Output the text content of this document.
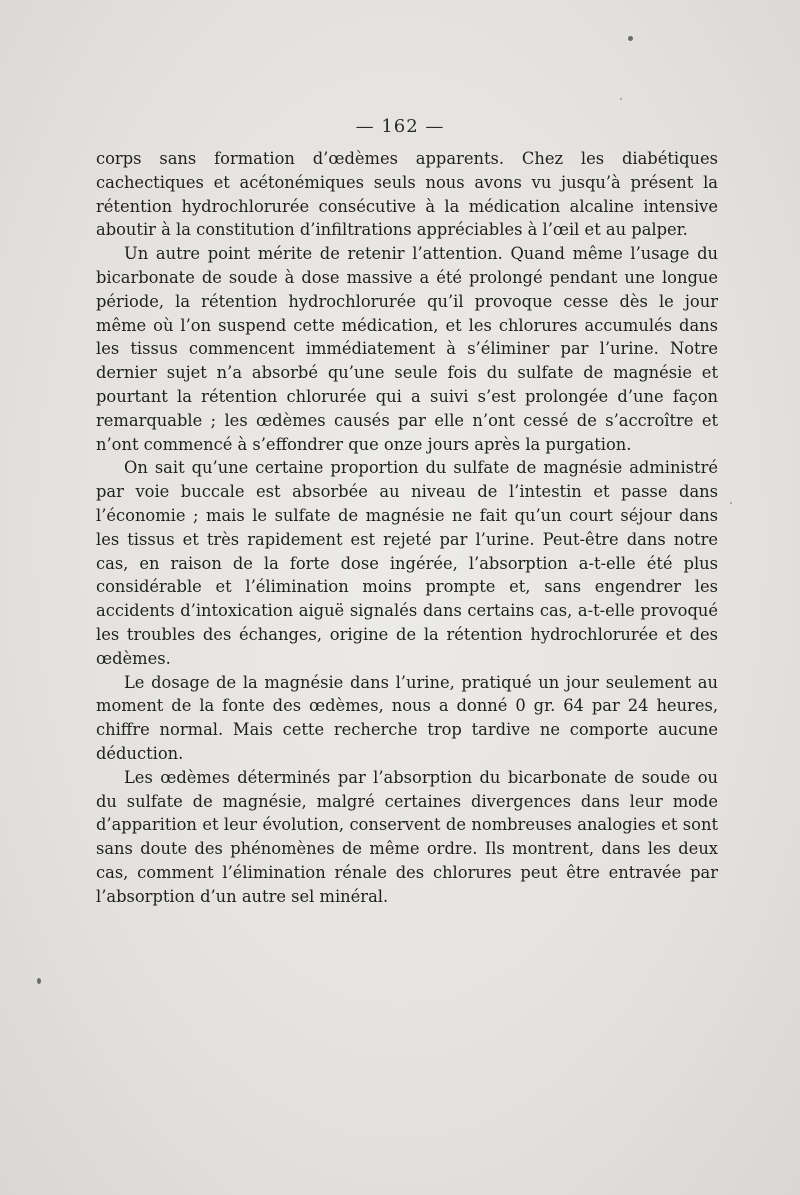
— 162 —

corps sans formation d’œdèmes apparents. Chez les diabétiques cachectiques et acétonémiques seuls nous avons vu jusqu’à présent la rétention hydrochlorurée consécutive à la médication alcaline intensive aboutir à la constitution d’infiltrations appréciables à l’œil et au palper.

Un autre point mérite de retenir l’attention. Quand même l’usage du bicarbonate de soude à dose massive a été prolongé pendant une longue période, la rétention hydrochlorurée qu’il provoque cesse dès le jour même où l’on suspend cette médication, et les chlorures accumulés dans les tissus commencent immédiatement à s’éliminer par l’urine. Notre dernier sujet n’a absorbé qu’une seule fois du sulfate de magnésie et pourtant la rétention chlorurée qui a suivi s’est prolongée d’une façon remarquable ; les œdèmes causés par elle n’ont cessé de s’accroître et n’ont commencé à s’effondrer que onze jours après la purgation.

On sait qu’une certaine proportion du sulfate de magnésie administré par voie buccale est absorbée au niveau de l’intestin et passe dans l’économie ; mais le sulfate de magnésie ne fait qu’un court séjour dans les tissus et très rapidement est rejeté par l’urine. Peut-être dans notre cas, en raison de la forte dose ingérée, l’absorption a-t-elle été plus considérable et l’élimination moins prompte et, sans engendrer les accidents d’intoxication aiguë signalés dans certains cas, a-t-elle provoqué les troubles des échanges, origine de la rétention hydrochlorurée et des œdèmes.

Le dosage de la magnésie dans l’urine, pratiqué un jour seulement au moment de la fonte des œdèmes, nous a donné 0 gr. 64 par 24 heures, chiffre normal. Mais cette recherche trop tardive ne comporte aucune déduction.

Les œdèmes déterminés par l’absorption du bicarbonate de soude ou du sulfate de magnésie, malgré certaines divergences dans leur mode d’apparition et leur évolution, conservent de nombreuses analogies et sont sans doute des phénomènes de même ordre. Ils montrent, dans les deux cas, comment l’élimination rénale des chlorures peut être entravée par l’absorption d’un autre sel minéral.
